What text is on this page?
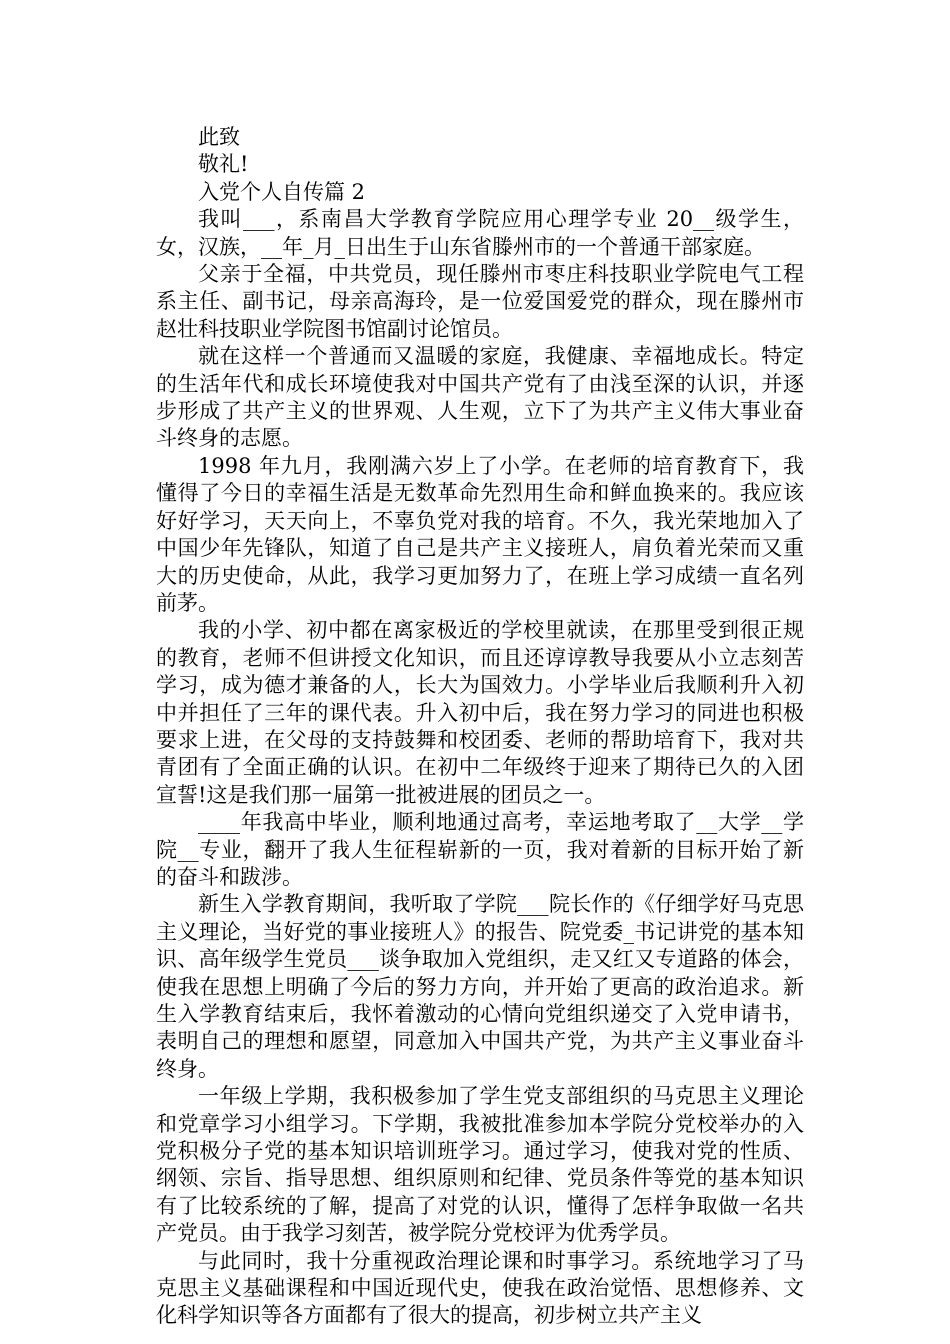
此致

敬礼!

入党个人自传篇 2

我叫___，系南昌大学教育学院应用心理学专业 20__级学生，女，汉族，__年_月_日出生于山东省滕州市的一个普通干部家庭。

父亲于全福，中共党员，现任滕州市枣庄科技职业学院电气工程系主任、副书记，母亲高海玲，是一位爱国爱党的群众，现在滕州市赵壮科技职业学院图书馆副讨论馆员。

就在这样一个普通而又温暖的家庭，我健康、幸福地成长。特定的生活年代和成长环境使我对中国共产党有了由浅至深的认识，并逐步形成了共产主义的世界观、人生观，立下了为共产主义伟大事业奋斗终身的志愿。

1998 年九月，我刚满六岁上了小学。在老师的培育教育下，我懂得了今日的幸福生活是无数革命先烈用生命和鲜血换来的。我应该好好学习，天天向上，不辜负党对我的培育。不久，我光荣地加入了中国少年先锋队，知道了自己是共产主义接班人，肩负着光荣而又重大的历史使命，从此，我学习更加努力了，在班上学习成绩一直名列前茅。

我的小学、初中都在离家极近的学校里就读，在那里受到很正规的教育，老师不但讲授文化知识，而且还谆谆教导我要从小立志刻苦学习，成为德才兼备的人，长大为国效力。小学毕业后我顺利升入初中并担任了三年的课代表。升入初中后，我在努力学习的同进也积极要求上进，在父母的支持鼓舞和校团委、老师的帮助培育下，我对共青团有了全面正确的认识。在初中二年级终于迎来了期待已久的入团宣誓!这是我们那一届第一批被进展的团员之一。

____年我高中毕业，顺利地通过高考，幸运地考取了__大学__学院__专业，翻开了我人生征程崭新的一页，我对着新的目标开始了新的奋斗和跋涉。

新生入学教育期间，我听取了学院___院长作的《仔细学好马克思主义理论，当好党的事业接班人》的报告、院党委_书记讲党的基本知识、高年级学生党员___谈争取加入党组织，走又红又专道路的体会，使我在思想上明确了今后的努力方向，并开始了更高的政治追求。新生入学教育结束后，我怀着激动的心情向党组织递交了入党申请书，表明自己的理想和愿望，同意加入中国共产党，为共产主义事业奋斗终身。

一年级上学期，我积极参加了学生党支部组织的马克思主义理论和党章学习小组学习。下学期，我被批准参加本学院分党校举办的入党积极分子党的基本知识培训班学习。通过学习，使我对党的性质、纲领、宗旨、指导思想、组织原则和纪律、党员条件等党的基本知识有了比较系统的了解，提高了对党的认识，懂得了怎样争取做一名共产党员。由于我学习刻苦，被学院分党校评为优秀学员。

与此同时，我十分重视政治理论课和时事学习。系统地学习了马克思主义基础课程和中国近现代史，使我在政治觉悟、思想修养、文化科学知识等各方面都有了很大的提高，初步树立共产主义
